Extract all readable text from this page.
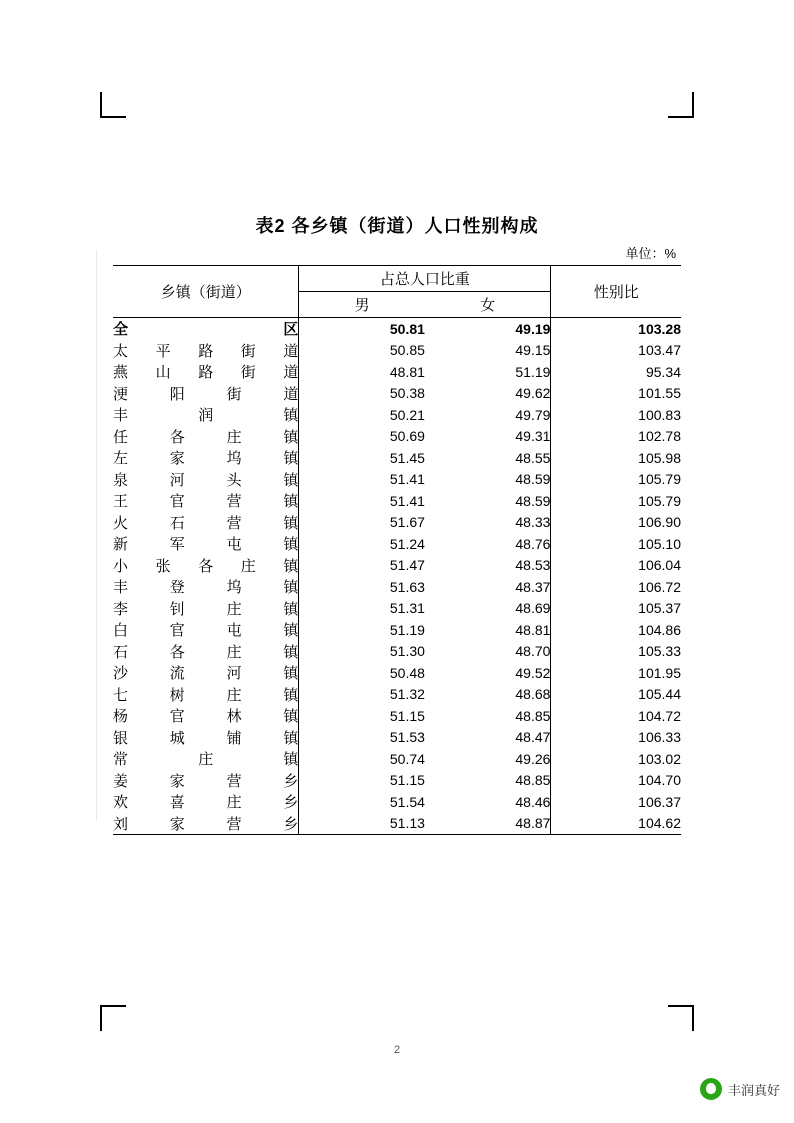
表2 各乡镇（街道）人口性别构成
单位：%
乡镇（街道）	占总人口比重		性别比
	男	女	

全 区	50.81	49.19	103.28

太 平 路 街 道	50.85	49.15	103.47

燕 山 路 街 道	48.81	51.19	95.34

浭 阳 街 道	50.38	49.62	101.55

丰 润 镇	50.21	49.79	100.83

任 各 庄 镇	50.69	49.31	102.78

左 家 坞 镇	51.45	48.55	105.98

泉 河 头 镇	51.41	48.59	105.79

王 官 营 镇	51.41	48.59	105.79

火 石 营 镇	51.67	48.33	106.90

新 军 屯 镇	51.24	48.76	105.10

小 张 各 庄 镇	51.47	48.53	106.04

丰 登 坞 镇	51.63	48.37	106.72

李 钊 庄 镇	51.31	48.69	105.37

白 官 屯 镇	51.19	48.81	104.86

石 各 庄 镇	51.30	48.70	105.33

沙 流 河 镇	50.48	49.52	101.95

七 树 庄 镇	51.32	48.68	105.44

杨 官 林 镇	51.15	48.85	104.72

银 城 铺 镇	51.53	48.47	106.33

常 庄 镇	50.74	49.26	103.02

姜 家 营 乡	51.15	48.85	104.70

欢 喜 庄 乡	51.54	48.46	106.37

刘 家 营 乡	51.13	48.87	104.62
2
丰润真好
